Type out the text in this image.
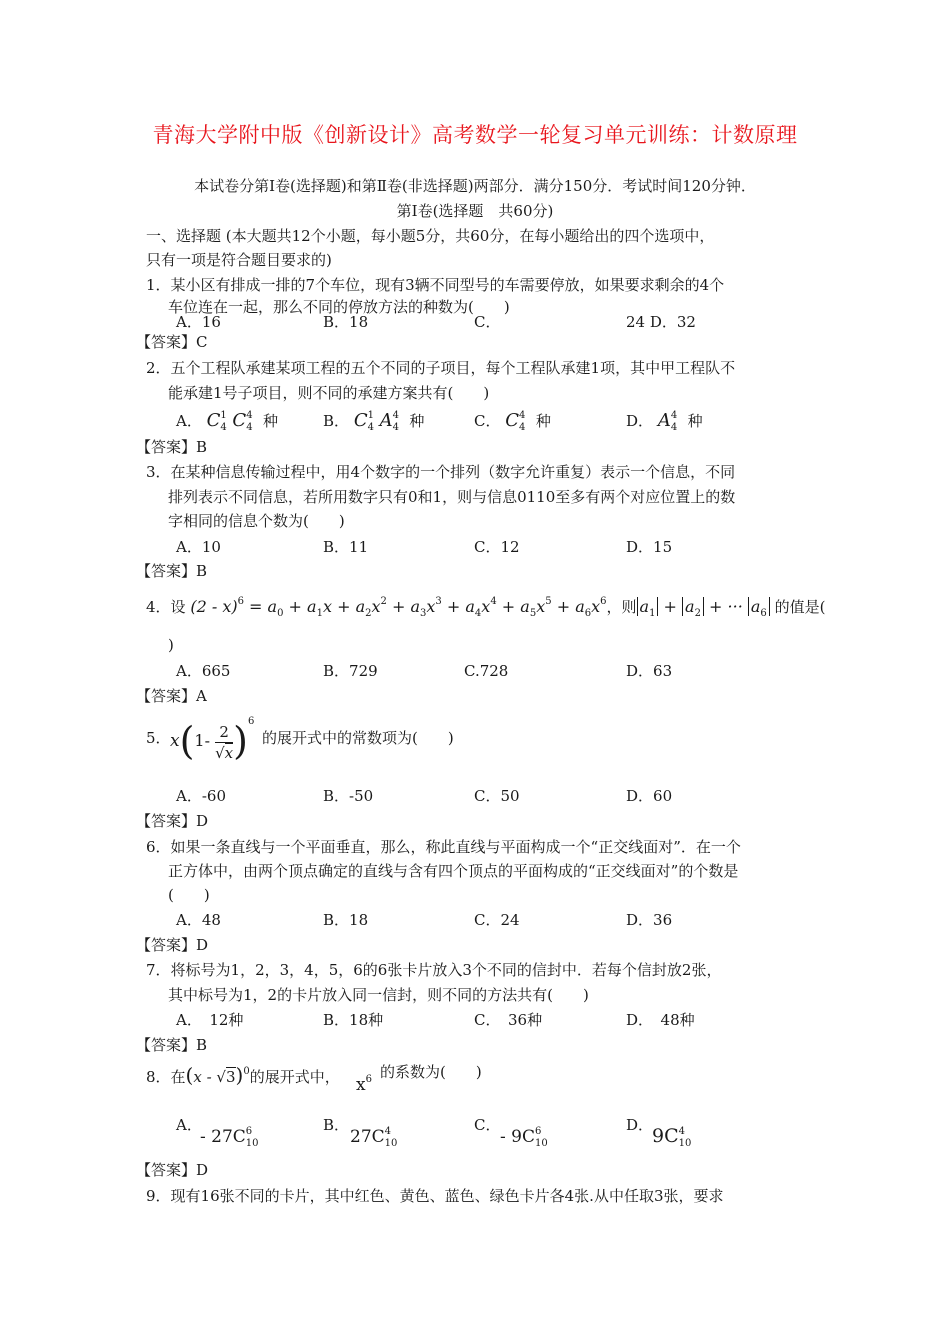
青海大学附中版《创新设计》高考数学一轮复习单元训练：计数原理
本试卷分第Ⅰ卷(选择题)和第Ⅱ卷(非选择题)两部分．满分150分．考试时间120分钟．
第Ⅰ卷(选择题　共60分)
一、选择题 (本大题共12个小题，每小题5分，共60分，在每小题给出的四个选项中，
只有一项是符合题目要求的)
1．某小区有排成一排的7个车位，现有3辆不同型号的车需要停放，如果要求剩余的4个
车位连在一起，那么不同的停放方法的种数为(　　)
A．16	B．18	C．	24 D．32
【答案】C
2．五个工程队承建某项工程的五个不同的子项目，每个工程队承建1项，其中甲工程队不
能承建1号子项目，则不同的承建方案共有(　　)
A． C 1
4 C 4
4 种	B． C 1
4 A 4
4 种	C． C 4
4 种	D． A 4
4 种
【答案】B
3．在某种信息传输过程中，用4个数字的一个排列（数字允许重复）表示一个信息，不同
排列表示不同信息，若所用数字只有0和1，则与信息0110至多有两个对应位置上的数
字相同的信息个数为(　　)
A．10	B．11	C．12	D．15
【答案】B
4．设 $(2 - x)^6 = a_0 + a_1x + a_2x^2 + a_3x^3 + a_4x^4 + a_5x^5 + a_6x^6$，则 $a_1 + a_2$ + ··· $a_6$ 的值是(
)
A．665	B．729	C.728	D．63
【答案】A
5． $x(1- \frac{2}{√x} )^6$
的展开式中的常数项为(　　)
A．-60	B．-50	C．50	D．60
【答案】D
6．如果一条直线与一个平面垂直，那么，称此直线与平面构成一个“正交线面对”．在一个
正方体中，由两个顶点确定的直线与含有四个顶点的平面构成的“正交线面对”的个数是
(　　)
A．48	B．18	C．24	D．36
【答案】D
7．将标号为1，2，3，4，5，6的6张卡片放入3个不同的信封中．若每个信封放2张，
其中标号为1，2的卡片放入同一信封，则不同的方法共有(　　)
A．　12种	B．18种	C．　36种	D．　48种
【答案】B
8．在(x - √3)$^0$的展开式中， $x^6$ 的系数为(　　)
A．
- 27C 6
10
B．
27C 4
10
C．
- 9C 6
10
D．
9C 4
10
【答案】D
9．现有16张不同的卡片，其中红色、黄色、蓝色、绿色卡片各4张.从中任取3张，要求
